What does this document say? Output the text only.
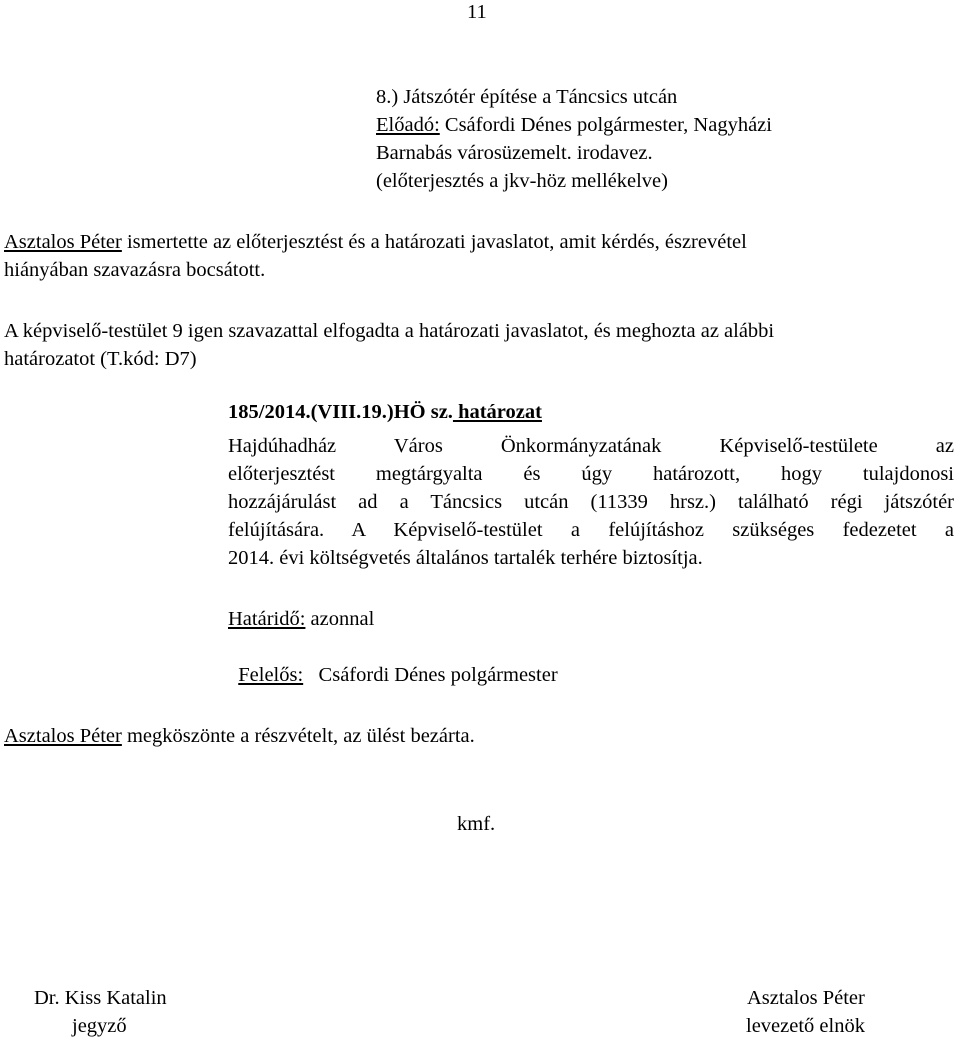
11
8.) Játszótér építése a Táncsics utcán
Előadó: Csáfordi Dénes polgármester, Nagyházi
Barnabás városüzemelt. irodavez.
(előterjesztés a jkv-höz mellékelve)
Asztalos Péter ismertette az előterjesztést és a határozati javaslatot, amit kérdés, észrevétel
hiányában szavazásra bocsátott.
A képviselő-testület 9 igen szavazattal elfogadta a határozati javaslatot, és meghozta az alábbi
határozatot (T.kód: D7)
185/2014.(VIII.19.)HÖ sz. határozat
Hajdúhadház Város Önkormányzatának Képviselő-testülete az
előterjesztést megtárgyalta és úgy határozott, hogy tulajdonosi
hozzájárulást ad a Táncsics utcán (11339 hrsz.) található régi játszótér
felújítására. A Képviselő-testület a felújításhoz szükséges fedezetet a
2014. évi költségvetés általános tartalék terhére biztosítja.
Határidő: azonnal

Felelős:   Csáfordi Dénes polgármester

Asztalos Péter megköszönte a részvételt, az ülést bezárta.
kmf.
Dr. Kiss Katalin
jegyző
Asztalos Péter
levezető elnök
